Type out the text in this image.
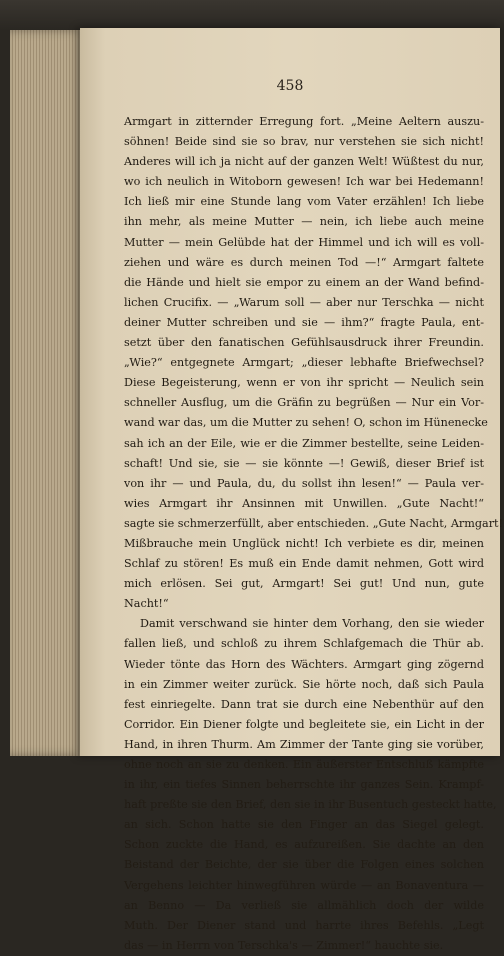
458
Armgart in zitternder Erregung fort. „Meine Aeltern auszu-
söhnen! Beide sind sie so brav, nur verstehen sie sich nicht!
Anderes will ich ja nicht auf der ganzen Welt! Wüßtest du nur,
wo ich neulich in Witoborn gewesen! Ich war bei Hedemann!
Ich ließ mir eine Stunde lang vom Vater erzählen! Ich liebe
ihn mehr, als meine Mutter — nein, ich liebe auch meine
Mutter — mein Gelübde hat der Himmel und ich will es voll-
ziehen und wäre es durch meinen Tod —!“ Armgart faltete
die Hände und hielt sie empor zu einem an der Wand befind-
lichen Crucifix. — „Warum soll — aber nur Terschka — nicht
deiner Mutter schreiben und sie — ihm?“ fragte Paula, ent-
setzt über den fanatischen Gefühlsausdruck ihrer Freundin.
„Wie?“ entgegnete Armgart; „dieser lebhafte Briefwechsel?
Diese Begeisterung, wenn er von ihr spricht — Neulich sein
schneller Ausflug, um die Gräfin zu begrüßen — Nur ein Vor-
wand war das, um die Mutter zu sehen! O, schon im Hünenecke
sah ich an der Eile, wie er die Zimmer bestellte, seine Leiden-
schaft! Und sie, sie — sie könnte —! Gewiß, dieser Brief ist
von ihr — und Paula, du, du sollst ihn lesen!“ — Paula ver-
wies Armgart ihr Ansinnen mit Unwillen. „Gute Nacht!“
sagte sie schmerzerfüllt, aber entschieden. „Gute Nacht, Armgart!
Mißbrauche mein Unglück nicht! Ich verbiete es dir, meinen
Schlaf zu stören! Es muß ein Ende damit nehmen, Gott wird
mich erlösen. Sei gut, Armgart! Sei gut! Und nun, gute
Nacht!“
Damit verschwand sie hinter dem Vorhang, den sie wieder
fallen ließ, und schloß zu ihrem Schlafgemach die Thür ab.
Wieder tönte das Horn des Wächters. Armgart ging zögernd
in ein Zimmer weiter zurück. Sie hörte noch, daß sich Paula
fest einriegelte. Dann trat sie durch eine Nebenthür auf den
Corridor. Ein Diener folgte und begleitete sie, ein Licht in der
Hand, in ihren Thurm. Am Zimmer der Tante ging sie vorüber,
ohne noch an sie zu denken. Ein äußerster Entschluß kämpfte
in ihr, ein tiefes Sinnen beherrschte ihr ganzes Sein. Krampf-
haft preßte sie den Brief, den sie in ihr Busentuch gesteckt hatte,
an sich. Schon hatte sie den Finger an das Siegel gelegt.
Schon zuckte die Hand, es aufzureißen. Sie dachte an den
Beistand der Beichte, der sie über die Folgen eines solchen
Vergehens leichter hinwegführen würde — an Bonaventura —
an Benno — Da verließ sie allmählich doch der wilde
Muth. Der Diener stand und harrte ihres Befehls. „Legt
das — in Herrn von Terschka's — Zimmer!“ hauchte sie.
